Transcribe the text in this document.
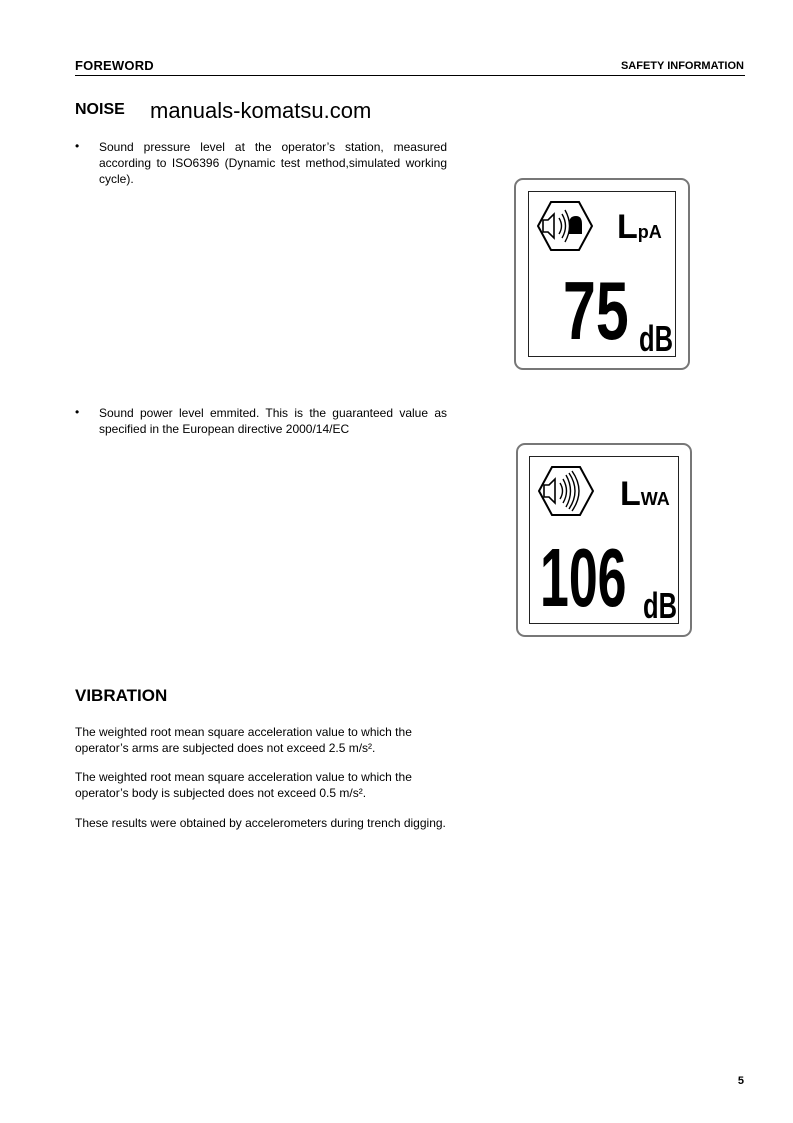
FOREWORD	SAFETY INFORMATION
NOISE manuals-komatsu.com
• Sound pressure level at the operator’s station, measured according to ISO6396 (Dynamic test method,simulated working cycle).
• Sound power level emmited. This is the guaranteed value as specified in the European directive 2000/14/EC
LpA
75 dB
LWA
106 dB
VIBRATION
The weighted root mean square acceleration value to which the operator’s arms are subjected does not exceed 2.5 m/s².
The weighted root mean square acceleration value to which the operator’s body is subjected does not exceed 0.5 m/s².
These results were obtained by accelerometers during trench digging.
5
